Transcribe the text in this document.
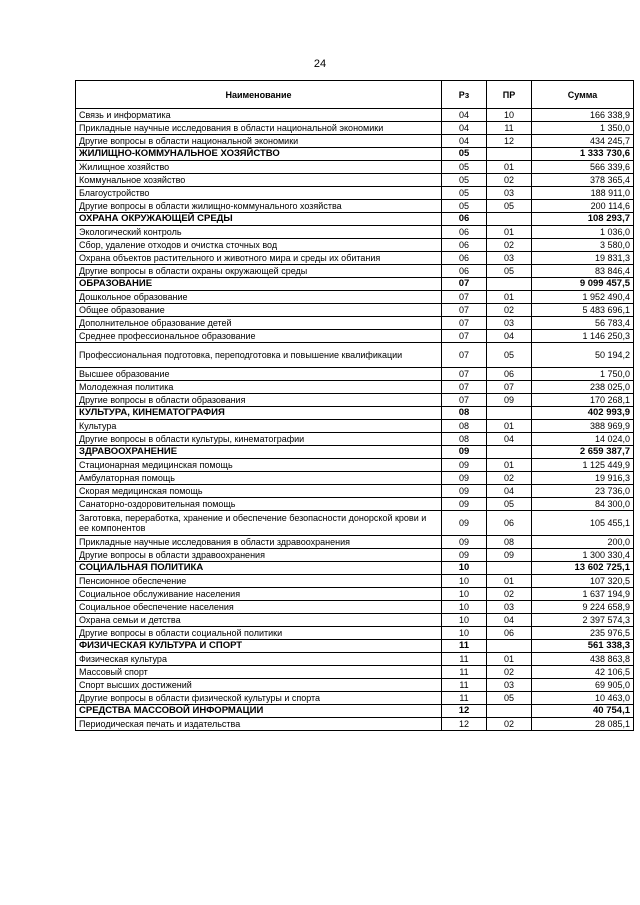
24
Наименование	Рз	ПР	Сумма
Связь и информатика	04	10	166 338,9
Прикладные научные исследования в области национальной экономики	04	11	1 350,0
Другие вопросы в области национальной экономики	04	12	434 245,7
ЖИЛИЩНО-КОММУНАЛЬНОЕ ХОЗЯЙСТВО	05		1 333 730,6
Жилищное хозяйство	05	01	566 339,6
Коммунальное хозяйство	05	02	378 365,4
Благоустройство	05	03	188 911,0
Другие вопросы в области жилищно-коммунального хозяйства	05	05	200 114,6
ОХРАНА ОКРУЖАЮЩЕЙ СРЕДЫ	06		108 293,7
Экологический контроль	06	01	1 036,0
Сбор, удаление отходов и очистка сточных вод	06	02	3 580,0
Охрана объектов растительного и животного мира и среды их обитания	06	03	19 831,3
Другие вопросы в области охраны окружающей среды	06	05	83 846,4
ОБРАЗОВАНИЕ	07		9 099 457,5
Дошкольное образование	07	01	1 952 490,4
Общее образование	07	02	5 483 696,1
Дополнительное образование детей	07	03	56 783,4
Среднее профессиональное образование	07	04	1 146 250,3
Профессиональная подготовка, переподготовка и повышение квалификации	07	05	50 194,2
Высшее образование	07	06	1 750,0
Молодежная политика	07	07	238 025,0
Другие вопросы в области образования	07	09	170 268,1
КУЛЬТУРА, КИНЕМАТОГРАФИЯ	08		402 993,9
Культура	08	01	388 969,9
Другие вопросы в области культуры, кинематографии	08	04	14 024,0
ЗДРАВООХРАНЕНИЕ	09		2 659 387,7
Стационарная медицинская помощь	09	01	1 125 449,9
Амбулаторная помощь	09	02	19 916,3
Скорая медицинская помощь	09	04	23 736,0
Санаторно-оздоровительная помощь	09	05	84 300,0
Заготовка, переработка, хранение и обеспечение безопасности донорской крови и ее компонентов	09	06	105 455,1
Прикладные научные исследования в области здравоохранения	09	08	200,0
Другие вопросы в области здравоохранения	09	09	1 300 330,4
СОЦИАЛЬНАЯ ПОЛИТИКА	10		13 602 725,1
Пенсионное обеспечение	10	01	107 320,5
Социальное обслуживание населения	10	02	1 637 194,9
Социальное обеспечение населения	10	03	9 224 658,9
Охрана семьи и детства	10	04	2 397 574,3
Другие вопросы в области социальной политики	10	06	235 976,5
ФИЗИЧЕСКАЯ КУЛЬТУРА И СПОРТ	11		561 338,3
Физическая культура	11	01	438 863,8
Массовый спорт	11	02	42 106,5
Спорт высших достижений	11	03	69 905,0
Другие вопросы в области физической культуры и спорта	11	05	10 463,0
СРЕДСТВА МАССОВОЙ ИНФОРМАЦИИ	12		40 754,1
Периодическая печать и издательства	12	02	28 085,1
